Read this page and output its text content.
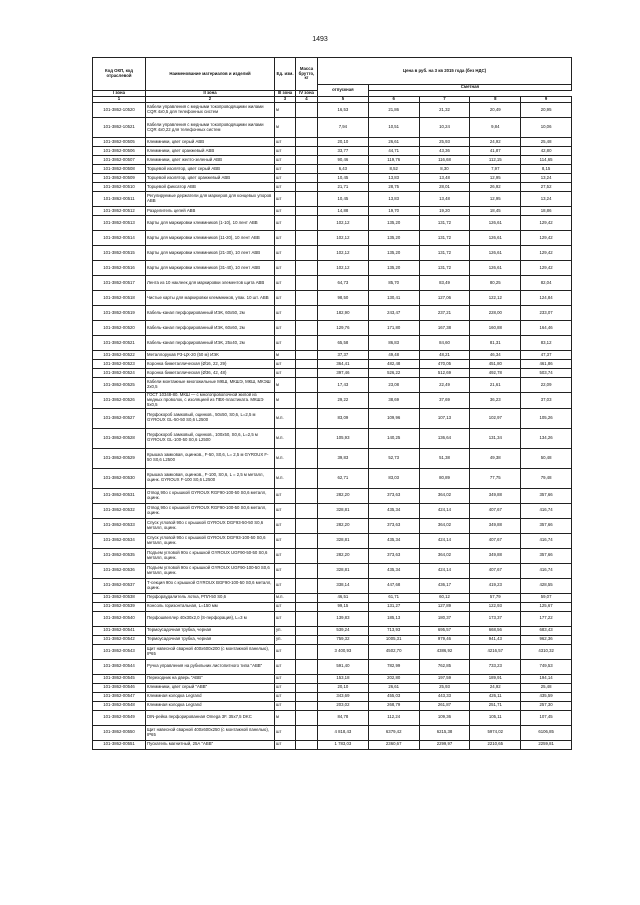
1493
Код ОКП, код отраслевой	Наименование материалов и изделий	Ед. изм.	Масса брутто, кг	Цена в руб. на 3 кв 2015 года (без НДС)				
				отпускная	Сметная			
I зона	II зона	III зона	IV зона					
1	2	3	4	5	6	7	8	9
101-3862-10520	Кабели управления с медными токопроводящими жилами CQR 4х0,5 для телефонных систем	м		16,53	21,86	21,32	20,49	20,95
101-3862-10521	Кабели управления с медными токопроводящими жилами CQR 4х0,22 для телефонных систем	м		7,94	10,51	10,24	9,84	10,06
101-3862-00505	Клеммники, цвет серый АВВ	шт		20,10	26,61	25,93	24,92	25,48
101-3862-00506	Клеммники, цвет оранжевый АВВ	шт		33,77	44,71	43,36	41,87	42,80
101-3862-00507	Клеммники, цвет желто-зеленый АВВ	шт		90,46	119,76	116,68	112,15	114,65
101-3862-00508	Торцевой изолятор, цвет серый АВВ	шт		6,43	8,52	8,30	7,97	8,15
101-3862-00509	Торцевой изолятор, цвет оранжевый АВВ	шт		10,45	13,83	13,48	12,95	13,24
101-3862-00510	Торцевой фиксатор АВВ	шт		21,71	28,75	28,01	26,92	27,52
101-3862-00511	Регулируемые держатели для маркеров для концевых упоров АВВ	шт		10,45	13,83	13,48	12,95	13,24
101-3862-00512	Разделитель цепей АВВ	шт		14,88	19,70	19,20	18,45	18,86
101-3862-00513	Карты для маркировки клеммников (1-10), 10 лент АВВ	шт		102,12	135,20	131,72	126,61	129,42
101-3862-00514	Карты для маркировки клеммников (11-20), 10 лент АВВ	шт		102,12	135,20	131,72	126,61	129,42
101-3862-00515	Карты для маркировки клеммников (21-30), 10 лент АВВ	шт		102,12	135,20	131,72	126,61	129,42
101-3862-00516	Карты для маркировки клеммников (31-40), 10 лент АВВ	шт		102,12	135,20	131,72	126,61	129,42
101-3862-00517	Лента из 10 наклеек для маркировки элементов щита АВВ	шт		64,73	85,70	83,49	80,25	82,04
101-3862-00518	Чистые карты для маркировки клеммников, упак. 10 шт. АВВ	шт		98,50	130,41	127,06	122,12	124,84
101-3862-00519	Кабель-канал перфорированный ИЭК, 60х50, 2м	шт		182,90	243,47	237,21	228,00	233,07
101-3862-00520	Кабель-канал перфорированный ИЭК, 60х60, 2м	шт		129,76	171,80	167,38	160,88	164,46
101-3862-00521	Кабель-канал перфорированный ИЭК, 25х40, 2м	шт		65,58	86,83	84,60	81,31	83,12
101-3862-00522	Металлорукав Р3-ЦХ-20 (50 м) ИЭК	м		37,37	49,48	48,21	46,34	47,37
101-3862-00523	Коронка биметаллическая (Ø16, 22, 29)	шт		364,41	482,48	470,05	451,80	461,86
101-3862-00524	Коронка биметаллическая (Ø36, 42, 48)	шт		397,46	526,22	512,69	492,78	503,74
101-3862-00525	Кабели монтажные многожильные МКШ, МКШЭ, МКШ, МКЭШ 2х0,5	м		17,43	23,08	22,49	21,61	22,09
101-3862-00526	ГОСТ 10348-80. МКШ — с многопроволочной жилой из медных проволок, с изоляцией из ПВХ-пластиката. МКШЭ 5х0,5	м		29,22	38,69	37,69	36,23	37,03
101-3862-00527	Перфокороб замковый, оцинков., 50х50, S0,6, L=2,5 м GYROUX GL-50-50 S0,6 L2500	м.п.		83,09	109,96	107,13	102,97	105,26
101-3862-00528	Перфокороб замковый, оцинков., 100х50, S0,6, L=2,5 м GYROUX GL-100-50 S0,6 L2500	м.п.		105,93	140,25	136,64	131,34	134,26
101-3862-00529	Крышка замковая, оцинков., F-50, S0,6, L= 2,5 м GYROUX F-50 S0,6 L2500	м.п.		39,83	52,73	51,38	49,38	50,48
101-3862-00530	Крышка замковая, оцинков., F-100, S0,6, L = 2,5 м металл, оцинк. GYROUX F-100 S0,6 L2500	м.п.		62,71	83,03	80,89	77,75	79,48
101-3862-00531	Отвод 90о с крышкой GYROUX RGF90-100-50 S0,6 металл, оцинк.	шт		282,20	373,63	364,02	349,88	357,66
101-3862-00532	Отвод 90о с крышкой GYROUX RGF90-100-50 S0,6 металл, оцинк.	шт		328,81	435,34	424,14	407,67	416,74
101-3862-00533	Спуск угловой 90о с крышкой GYROUX DGF93-50-50 S0,6 металл, оцинк.	шт		282,20	373,63	364,02	349,88	357,66
101-3862-00534	Спуск угловой 90о с крышкой GYROUX DGF93-100-50 S0,6 металл, оцинк.	шт		328,81	435,34	424,14	407,67	416,74
101-3862-00535	Подъем угловой 90о с крышкой GYROUX UGF90-50-50 S0,6 металл, оцинк.	шт		282,20	373,63	364,02	349,88	357,66
101-3862-00536	Подъем угловой 90о с крышкой GYROUX UGF90-100-50 S0,6 металл, оцинк.	шт		328,81	435,34	424,14	407,67	416,74
101-3862-00537	Т-секция 90о с крышкой GYROUX BGF90-100-50 S0,6 металл, оцинк.	шт		338,14	447,68	436,17	419,23	428,55
101-3862-00538	Перфораудалитель лотка, РПЛ-50 S0,6	м.п.		46,51	61,71	60,12	57,79	59,07
101-3862-00539	Консоль горизонтальная, L=150 мм	шт		99,15	131,27	127,89	122,93	125,67
101-3862-00540	Перфошвеллер 40х30х2,0 (S-перфорация), L=3 м	шт		139,83	185,13	180,37	173,37	177,22
101-3862-00541	Термоусадочная трубка, черная	уп.		539,24	713,93	695,57	668,56	683,43
101-3862-00542	Термоусадочная трубка, черная	уп.		759,32	1005,31	979,46	941,43	962,36
101-3862-00543	Щит навесной сварной 400х600х200 (с монтажной панелью), IP65	шт		3 400,93	4502,70	4386,92	4216,57	4310,32
101-3862-00544	Ручка управления на рубильник листопитного типа "АВВ"	шт		591,40	782,99	762,85	733,23	749,53
101-3862-00545	Переходник на дверь "АВВ"	шт		153,18	202,80	197,59	189,91	194,14
101-3862-00546	Клеммники, цвет серый "АВВ"	шт		20,10	26,61	25,93	24,92	25,48
101-3862-00547	Клеммная колодка Legrand	шт		343,69	455,03	443,33	426,11	435,59
101-3862-00548	Клеммная колодка Legrand	шт		203,02	268,79	261,87	251,71	257,30
101-3862-00549	DIN-рейка перфорированная Omega 3F. 35х7,5 DKC	м		84,78	112,24	109,36	105,11	107,45
101-3862-00550	Щит навесной сварной 400х600х250 (с монтажной панелью), IP65	шт		4 818,43	6379,42	6215,38	5974,02	6106,85
101-3862-00551	Пускатель магнитный, 25А "АВВ"	шт		1 783,03	2360,67	2299,97	2210,65	2259,81
